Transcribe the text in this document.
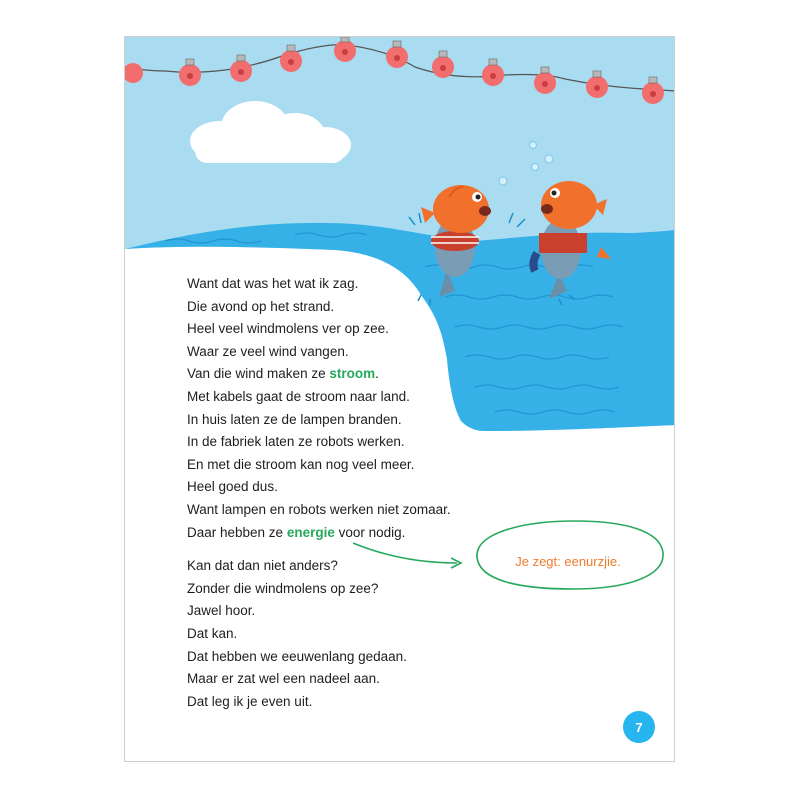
Want dat was het wat ik zag.
Die avond op het strand.
Heel veel windmolens ver op zee.
Waar ze veel wind vangen.
Van die wind maken ze stroom.
Met kabels gaat de stroom naar land.
In huis laten ze de lampen branden.
In de fabriek laten ze robots werken.
En met die stroom kan nog veel meer.
Heel goed dus.
Want lampen en robots werken niet zomaar.
Daar hebben ze energie voor nodig.
Kan dat dan niet anders?
Zonder die windmolens op zee?
Jawel hoor.
Dat kan.
Dat hebben we eeuwenlang gedaan.
Maar er zat wel een nadeel aan.
Dat leg ik je even uit.
Je zegt: eenurzjie.
7
